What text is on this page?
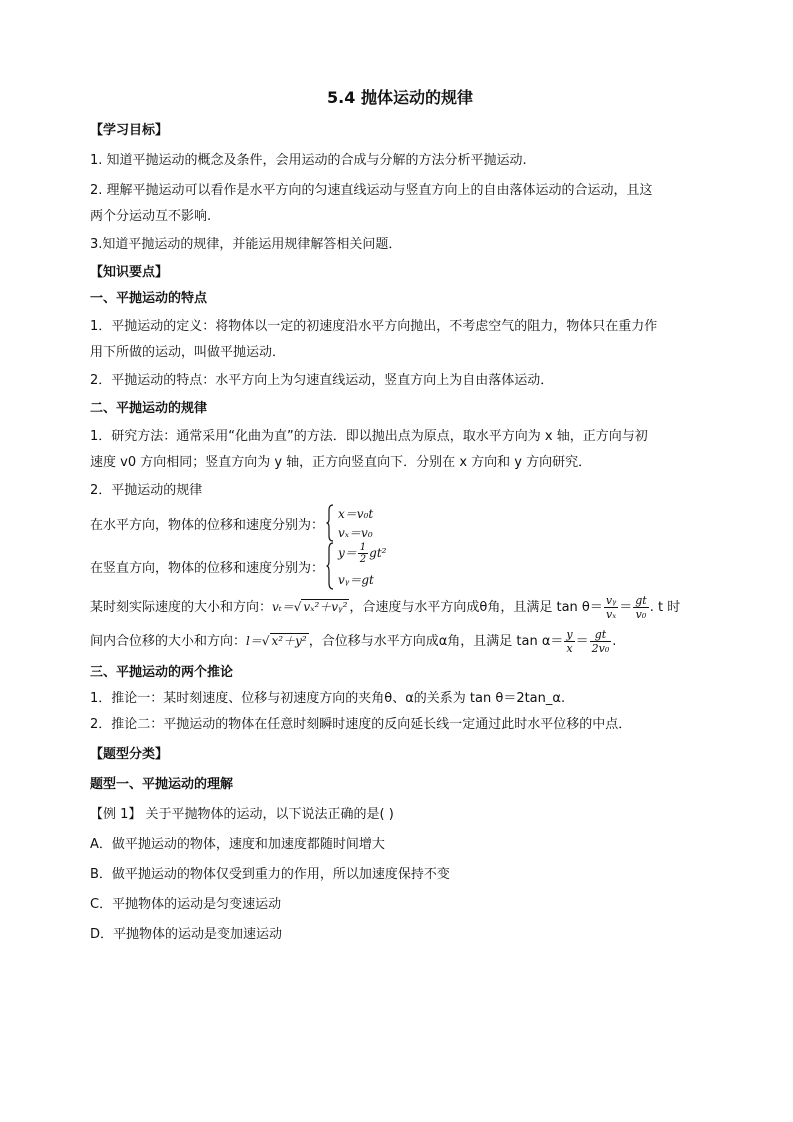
5.4 抛体运动的规律
【学习目标】
1. 知道平抛运动的概念及条件，会用运动的合成与分解的方法分析平抛运动.
2. 理解平抛运动可以看作是水平方向的匀速直线运动与竖直方向上的自由落体运动的合运动，且这
两个分运动互不影响.
3.知道平抛运动的规律，并能运用规律解答相关问题．
【知识要点】
一、平抛运动的特点
1．平抛运动的定义：将物体以一定的初速度沿水平方向抛出，不考虑空气的阻力，物体只在重力作
用下所做的运动，叫做平抛运动．
2．平抛运动的特点：水平方向上为匀速直线运动，竖直方向上为自由落体运动．
二、平抛运动的规律
1．研究方法：通常采用“化曲为直”的方法．即以抛出点为原点，取水平方向为 x 轴，正方向与初
速度 v0 方向相同；竖直方向为 y 轴，正方向竖直向下．分别在 x 方向和 y 方向研究．
2．平抛运动的规律
在水平方向，物体的位移和速度分别为：
x＝v₀t
vₓ＝v₀
在竖直方向，物体的位移和速度分别为：
$y= \frac{1}{2} gt^2$
vᵧ＝gt
某时刻实际速度的大小和方向：vₜ＝√ vₓ²＋vᵧ² ，合速度与水平方向成θ角，且满足 $\tan \theta= \frac{\text{vᵧ}}{\text{vₓ}} = \frac{gt}{\text{v₀}}$ . t 时
间内合位移的大小和方向：l＝√ x²＋y² ，合位移与水平方向成α角，且满足 $\tan \alpha= \frac{y}{x} = \frac{gt}{\text{2v₀}}$ .
三、平抛运动的两个推论
1．推论一：某时刻速度、位移与初速度方向的夹角θ、α的关系为 tan θ＝2tan_α.
2．推论二：平抛运动的物体在任意时刻瞬时速度的反向延长线一定通过此时水平位移的中点．
【题型分类】
题型一、平抛运动的理解
【例 1】 关于平抛物体的运动，以下说法正确的是( )
A．做平抛运动的物体，速度和加速度都随时间增大
B．做平抛运动的物体仅受到重力的作用，所以加速度保持不变
C．平抛物体的运动是匀变速运动
D．平抛物体的运动是变加速运动
